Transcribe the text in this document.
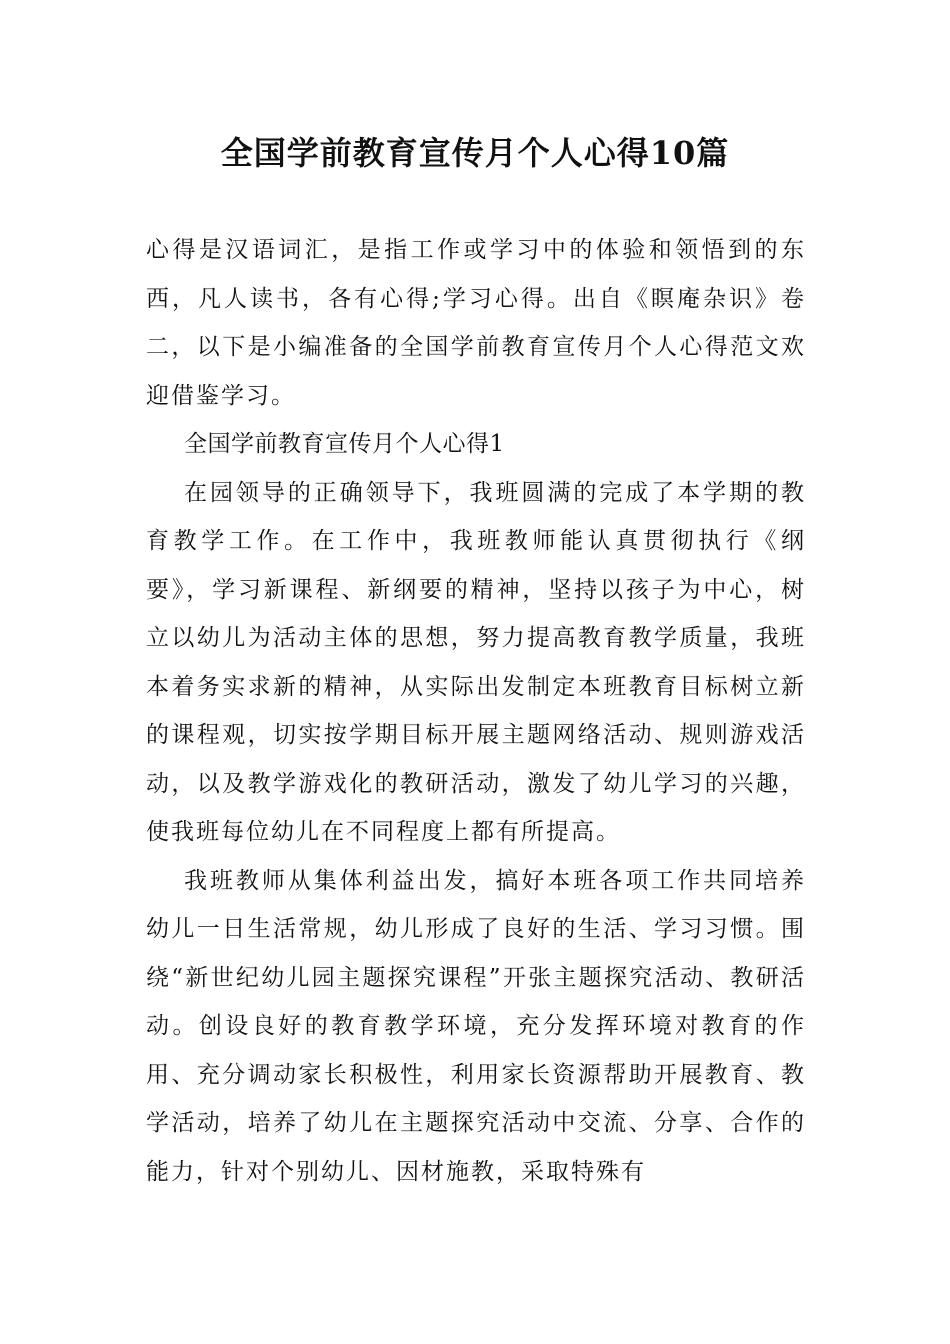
全国学前教育宣传月个人心得10篇

心得是汉语词汇，是指工作或学习中的体验和领悟到的东西，凡人读书，各有心得;学习心得。出自《瞑庵杂识》卷二，以下是小编准备的全国学前教育宣传月个人心得范文欢迎借鉴学习。

全国学前教育宣传月个人心得1

在园领导的正确领导下，我班圆满的完成了本学期的教育教学工作。在工作中，我班教师能认真贯彻执行《纲要》，学习新课程、新纲要的精神，坚持以孩子为中心，树立以幼儿为活动主体的思想，努力提高教育教学质量，我班本着务实求新的精神，从实际出发制定本班教育目标树立新的课程观，切实按学期目标开展主题网络活动、规则游戏活动，以及教学游戏化的教研活动，激发了幼儿学习的兴趣，使我班每位幼儿在不同程度上都有所提高。

我班教师从集体利益出发，搞好本班各项工作共同培养幼儿一日生活常规，幼儿形成了良好的生活、学习习惯。围绕“新世纪幼儿园主题探究课程”开张主题探究活动、教研活动。创设良好的教育教学环境，充分发挥环境对教育的作用、充分调动家长积极性，利用家长资源帮助开展教育、教学活动，培养了幼儿在主题探究活动中交流、分享、合作的能力，针对个别幼儿、因材施教，采取特殊有
